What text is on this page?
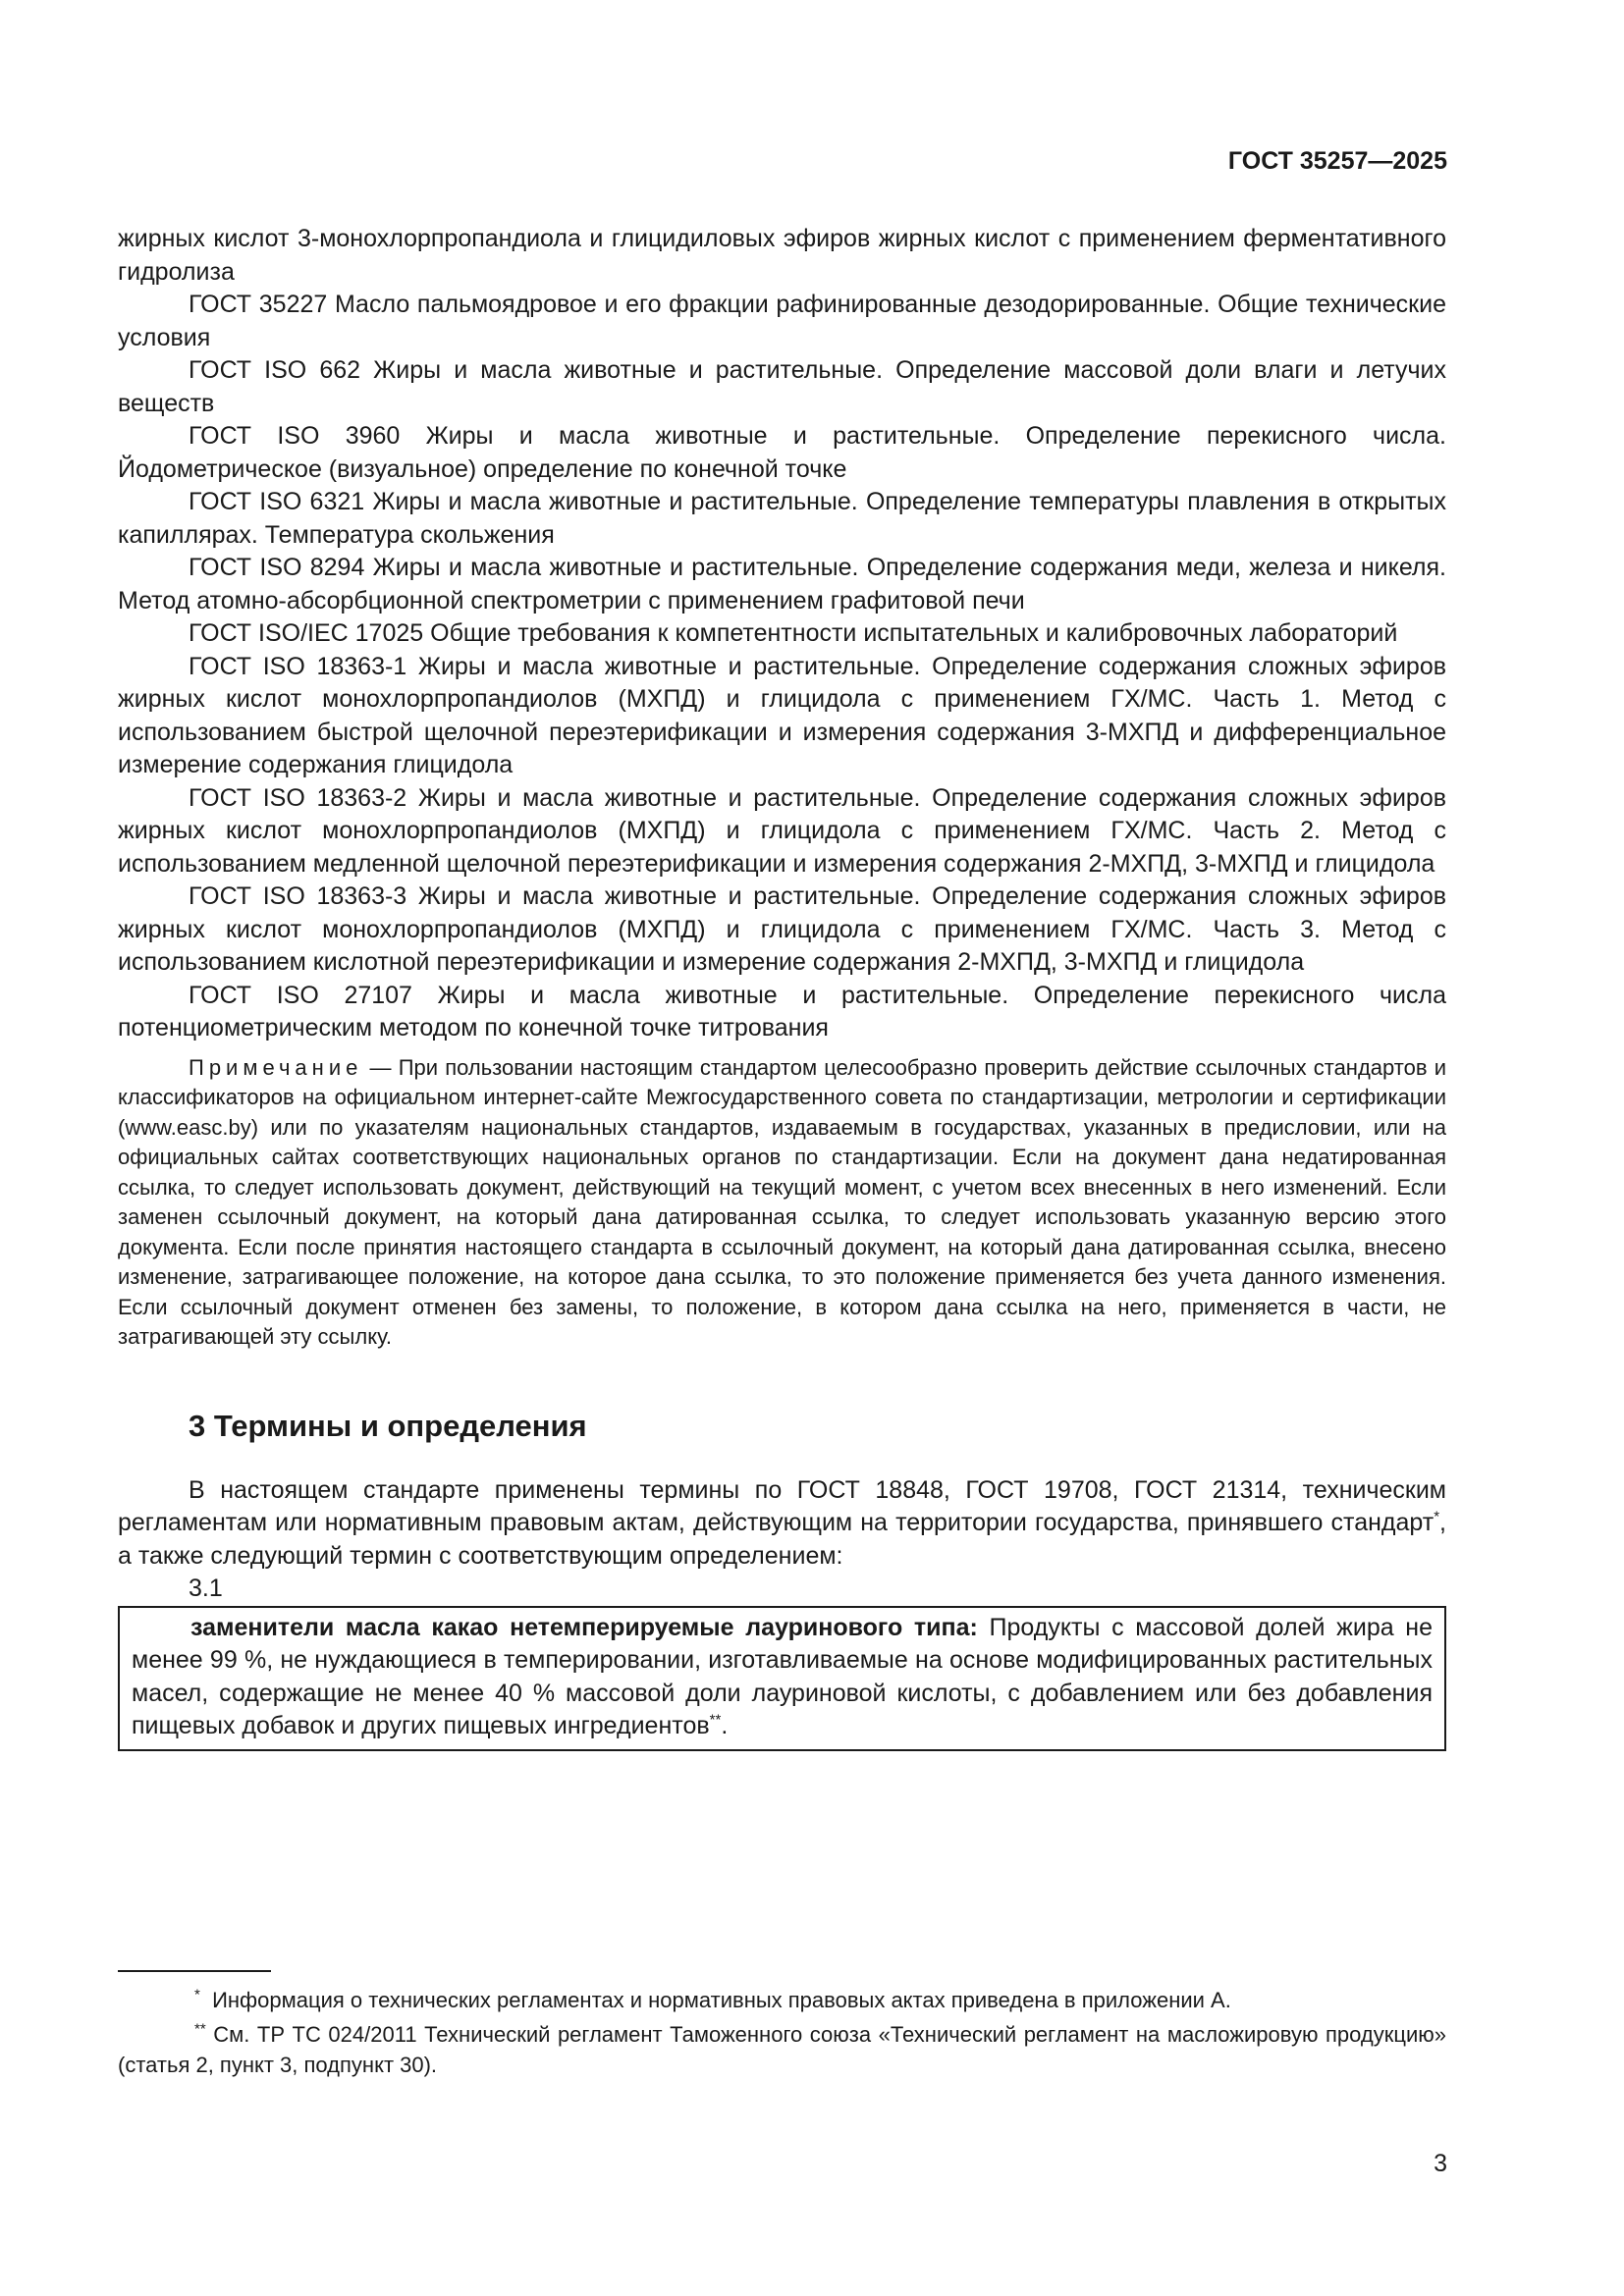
ГОСТ 35257—2025

жирных кислот 3-монохлорпропандиола и глицидиловых эфиров жирных кислот с применением ферментативного гидролиза

ГОСТ 35227 Масло пальмоядровое и его фракции рафинированные дезодорированные. Общие технические условия

ГОСТ ISO 662 Жиры и масла животные и растительные. Определение массовой доли влаги и летучих веществ

ГОСТ ISO 3960 Жиры и масла животные и растительные. Определение перекисного числа. Йодометрическое (визуальное) определение по конечной точке

ГОСТ ISO 6321 Жиры и масла животные и растительные. Определение температуры плавления в открытых капиллярах. Температура скольжения

ГОСТ ISO 8294 Жиры и масла животные и растительные. Определение содержания меди, железа и никеля. Метод атомно-абсорбционной спектрометрии с применением графитовой печи

ГОСТ ISO/IEC 17025 Общие требования к компетентности испытательных и калибровочных лабораторий

ГОСТ ISO 18363-1 Жиры и масла животные и растительные. Определение содержания сложных эфиров жирных кислот монохлорпропандиолов (МХПД) и глицидола с применением ГХ/МС. Часть 1. Метод с использованием быстрой щелочной переэтерификации и измерения содержания 3-МХПД и дифференциальное измерение содержания глицидола

ГОСТ ISO 18363-2 Жиры и масла животные и растительные. Определение содержания сложных эфиров жирных кислот монохлорпропандиолов (МХПД) и глицидола с применением ГХ/МС. Часть 2. Метод с использованием медленной щелочной переэтерификации и измерения содержания 2-МХПД, 3-МХПД и глицидола

ГОСТ ISO 18363-3 Жиры и масла животные и растительные. Определение содержания сложных эфиров жирных кислот монохлорпропандиолов (МХПД) и глицидола с применением ГХ/МС. Часть 3. Метод с использованием кислотной переэтерификации и измерение содержания 2-МХПД, 3-МХПД и глицидола

ГОСТ ISO 27107 Жиры и масла животные и растительные. Определение перекисного числа потенциометрическим методом по конечной точке титрования

Примечание — При пользовании настоящим стандартом целесообразно проверить действие ссылочных стандартов и классификаторов на официальном интернет-сайте Межгосударственного совета по стандартизации, метрологии и сертификации (www.easc.by) или по указателям национальных стандартов, издаваемым в государствах, указанных в предисловии, или на официальных сайтах соответствующих национальных органов по стандартизации. Если на документ дана недатированная ссылка, то следует использовать документ, действующий на текущий момент, с учетом всех внесенных в него изменений. Если заменен ссылочный документ, на который дана датированная ссылка, то следует использовать указанную версию этого документа. Если после принятия настоящего стандарта в ссылочный документ, на который дана датированная ссылка, внесено изменение, затрагивающее положение, на которое дана ссылка, то это положение применяется без учета данного изменения. Если ссылочный документ отменен без замены, то положение, в котором дана ссылка на него, применяется в части, не затрагивающей эту ссылку.

3 Термины и определения

В настоящем стандарте применены термины по ГОСТ 18848, ГОСТ 19708, ГОСТ 21314, техническим регламентам или нормативным правовым актам, действующим на территории государства, принявшего стандарт*, а также следующий термин с соответствующим определением:

3.1

заменители масла какао нетемперируемые лауринового типа: Продукты с массовой долей жира не менее 99 %, не нуждающиеся в темперировании, изготавливаемые на основе модифицированных растительных масел, содержащие не менее 40 % массовой доли лауриновой кислоты, с добавлением или без добавления пищевых добавок и других пищевых ингредиентов**.

* Информация о технических регламентах и нормативных правовых актах приведена в приложении А.

** См. ТР ТС 024/2011 Технический регламент Таможенного союза «Технический регламент на масложировую продукцию» (статья 2, пункт 3, подпункт 30).

3
